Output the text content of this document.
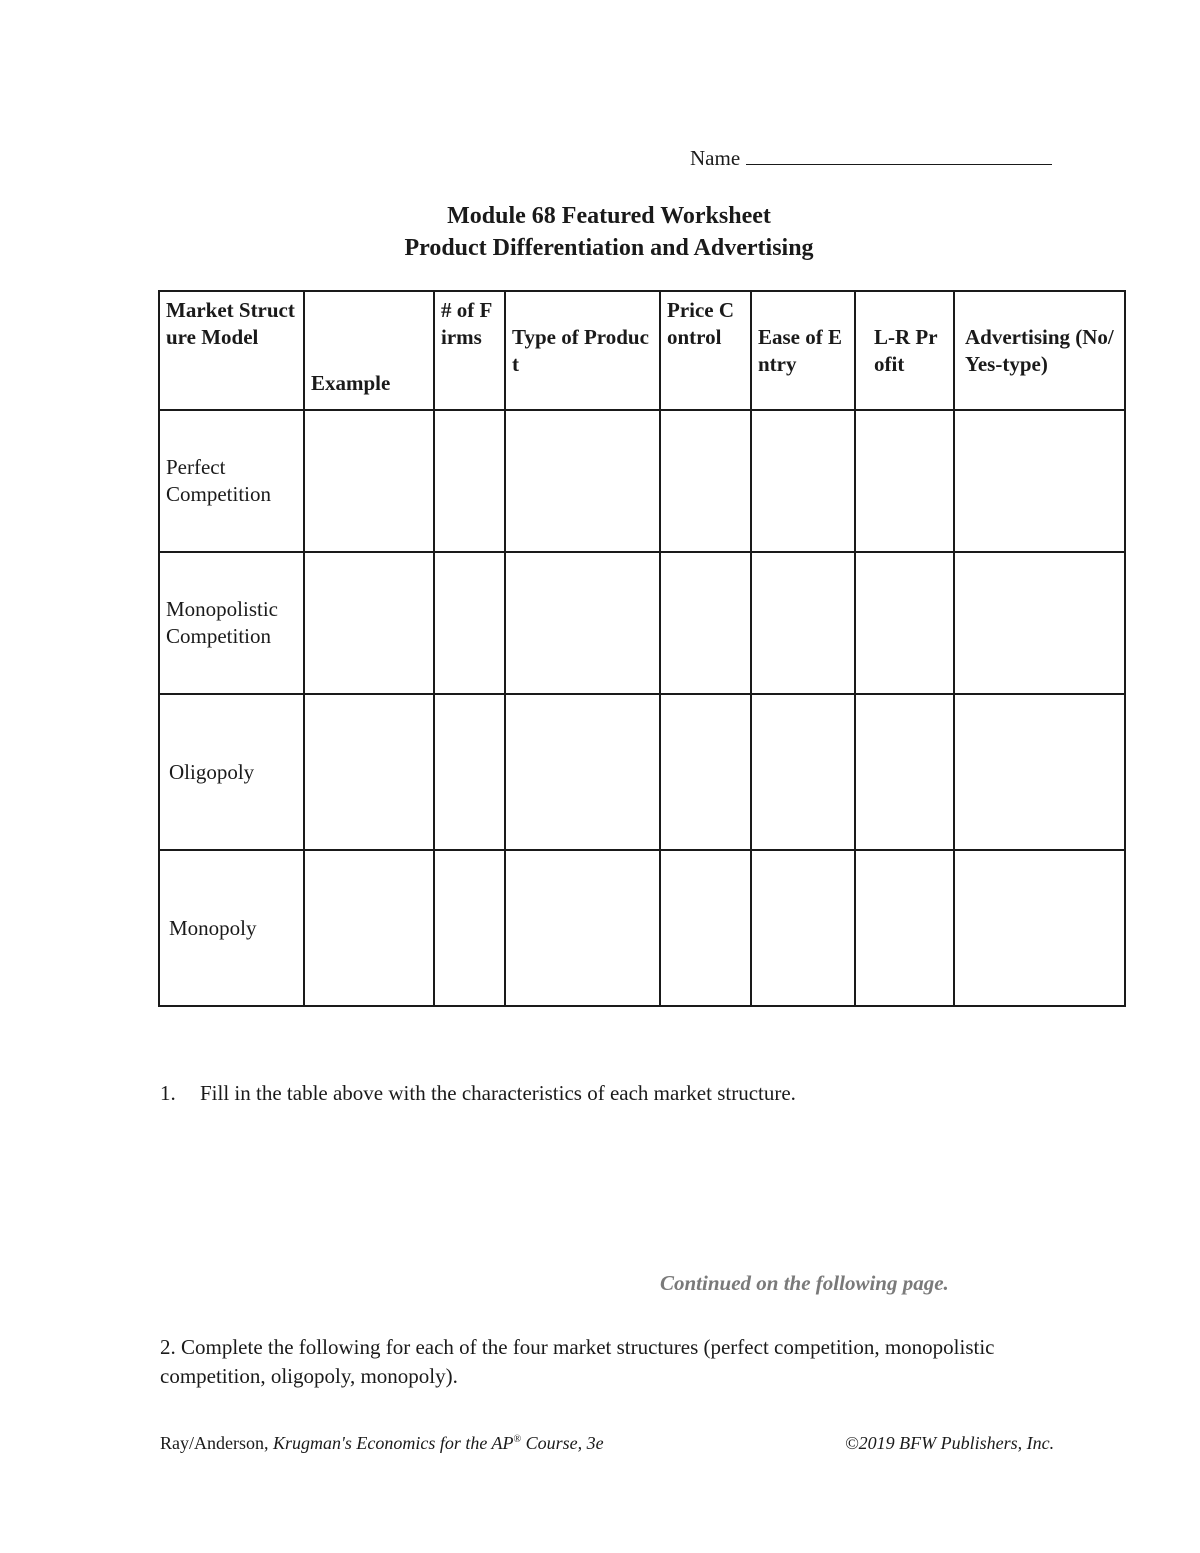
Name
Module 68 Featured Worksheet
Product Differentiation and Advertising
Market Structure Model	Example	# of Firms	Type of Product	Price Control	Ease of Entry	L-R Profit	Advertising (No/Yes-type)
Perfect Competition							
Monopolistic Competition							
Oligopoly							
Monopoly							
1. Fill in the table above with the characteristics of each market structure.
Continued on the following page.
2. Complete the following for each of the four market structures (perfect competition, monopolistic competition, oligopoly, monopoly).
Ray/Anderson, Krugman's Economics for the AP® Course, 3e	©2019 BFW Publishers, Inc.
